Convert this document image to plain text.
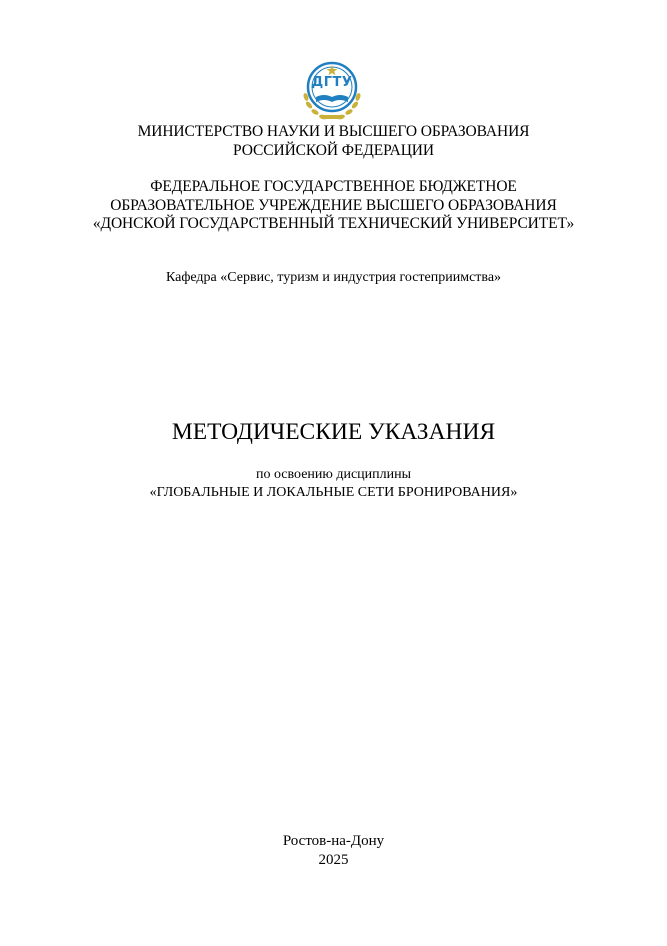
ДГТУ
МИНИСТЕРСТВО НАУКИ И ВЫСШЕГО ОБРАЗОВАНИЯ
РОССИЙСКОЙ ФЕДЕРАЦИИ
ФЕДЕРАЛЬНОЕ ГОСУДАРСТВЕННОЕ БЮДЖЕТНОЕ
ОБРАЗОВАТЕЛЬНОЕ УЧРЕЖДЕНИЕ ВЫСШЕГО ОБРАЗОВАНИЯ
«ДОНСКОЙ ГОСУДАРСТВЕННЫЙ ТЕХНИЧЕСКИЙ УНИВЕРСИТЕТ»
Кафедра «Сервис, туризм и индустрия гостеприимства»
МЕТОДИЧЕСКИЕ УКАЗАНИЯ
по освоению дисциплины
«ГЛОБАЛЬНЫЕ И ЛОКАЛЬНЫЕ СЕТИ БРОНИРОВАНИЯ»
Ростов-на-Дону
2025
